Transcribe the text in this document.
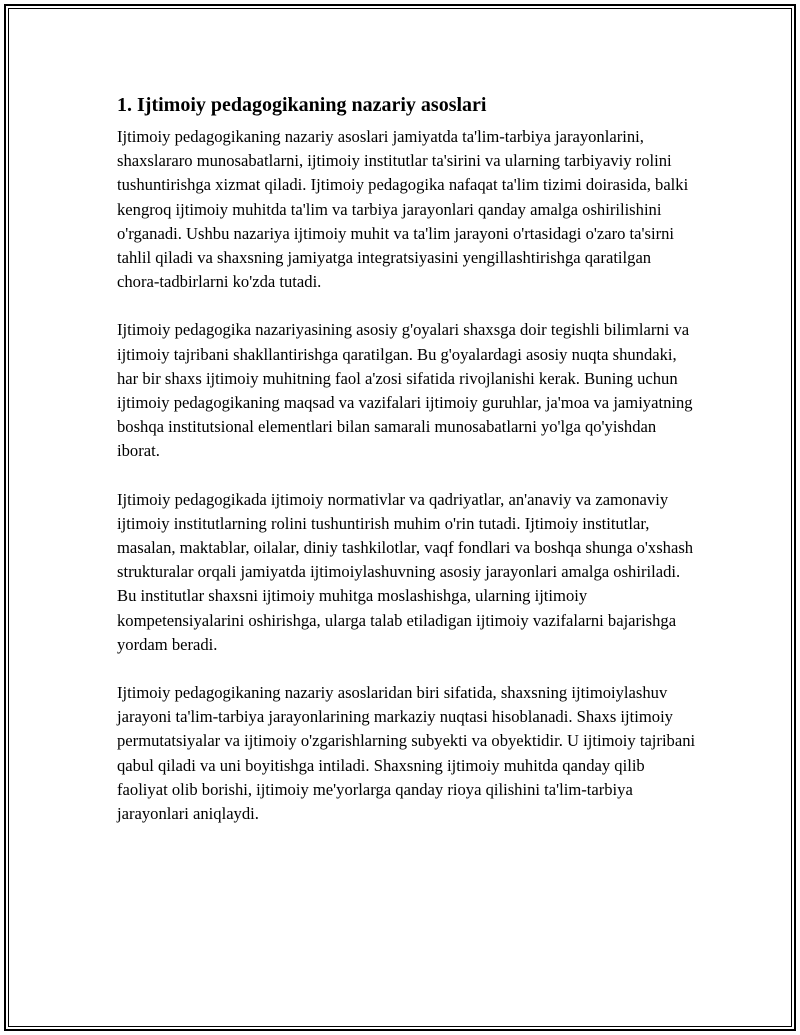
1. Ijtimoiy pedagogikaning nazariy asoslari

Ijtimoiy pedagogikaning nazariy asoslari jamiyatda ta'lim-tarbiya jarayonlarini, shaxslararo munosabatlarni, ijtimoiy institutlar ta'sirini va ularning tarbiyaviy rolini tushuntirishga xizmat qiladi. Ijtimoiy pedagogika nafaqat ta'lim tizimi doirasida, balki kengroq ijtimoiy muhitda ta'lim va tarbiya jarayonlari qanday amalga oshirilishini o'rganadi. Ushbu nazariya ijtimoiy muhit va ta'lim jarayoni o'rtasidagi o'zaro ta'sirni tahlil qiladi va shaxsning jamiyatga integratsiyasini yengillashtirishga qaratilgan chora-tadbirlarni ko'zda tutadi.

Ijtimoiy pedagogika nazariyasining asosiy g'oyalari shaxsga doir tegishli bilimlarni va ijtimoiy tajribani shakllantirishga qaratilgan. Bu g'oyalardagi asosiy nuqta shundaki, har bir shaxs ijtimoiy muhitning faol a'zosi sifatida rivojlanishi kerak. Buning uchun ijtimoiy pedagogikaning maqsad va vazifalari ijtimoiy guruhlar, ja'moa va jamiyatning boshqa institutsional elementlari bilan samarali munosabatlarni yo'lga qo'yishdan iborat.

Ijtimoiy pedagogikada ijtimoiy normativlar va qadriyatlar, an'anaviy va zamonaviy ijtimoiy institutlarning rolini tushuntirish muhim o'rin tutadi. Ijtimoiy institutlar, masalan, maktablar, oilalar, diniy tashkilotlar, vaqf fondlari va boshqa shunga o'xshash strukturalar orqali jamiyatda ijtimoiylashuvning asosiy jarayonlari amalga oshiriladi. Bu institutlar shaxsni ijtimoiy muhitga moslashishga, ularning ijtimoiy kompetensiyalarini oshirishga, ularga talab etiladigan ijtimoiy vazifalarni bajarishga yordam beradi.

Ijtimoiy pedagogikaning nazariy asoslaridan biri sifatida, shaxsning ijtimoiylashuv jarayoni ta'lim-tarbiya jarayonlarining markaziy nuqtasi hisoblanadi. Shaxs ijtimoiy permutatsiyalar va ijtimoiy o'zgarishlarning subyekti va obyektidir. U ijtimoiy tajribani qabul qiladi va uni boyitishga intiladi. Shaxsning ijtimoiy muhitda qanday qilib faoliyat olib borishi, ijtimoiy me'yorlarga qanday rioya qilishini ta'lim-tarbiya jarayonlari aniqlaydi.
